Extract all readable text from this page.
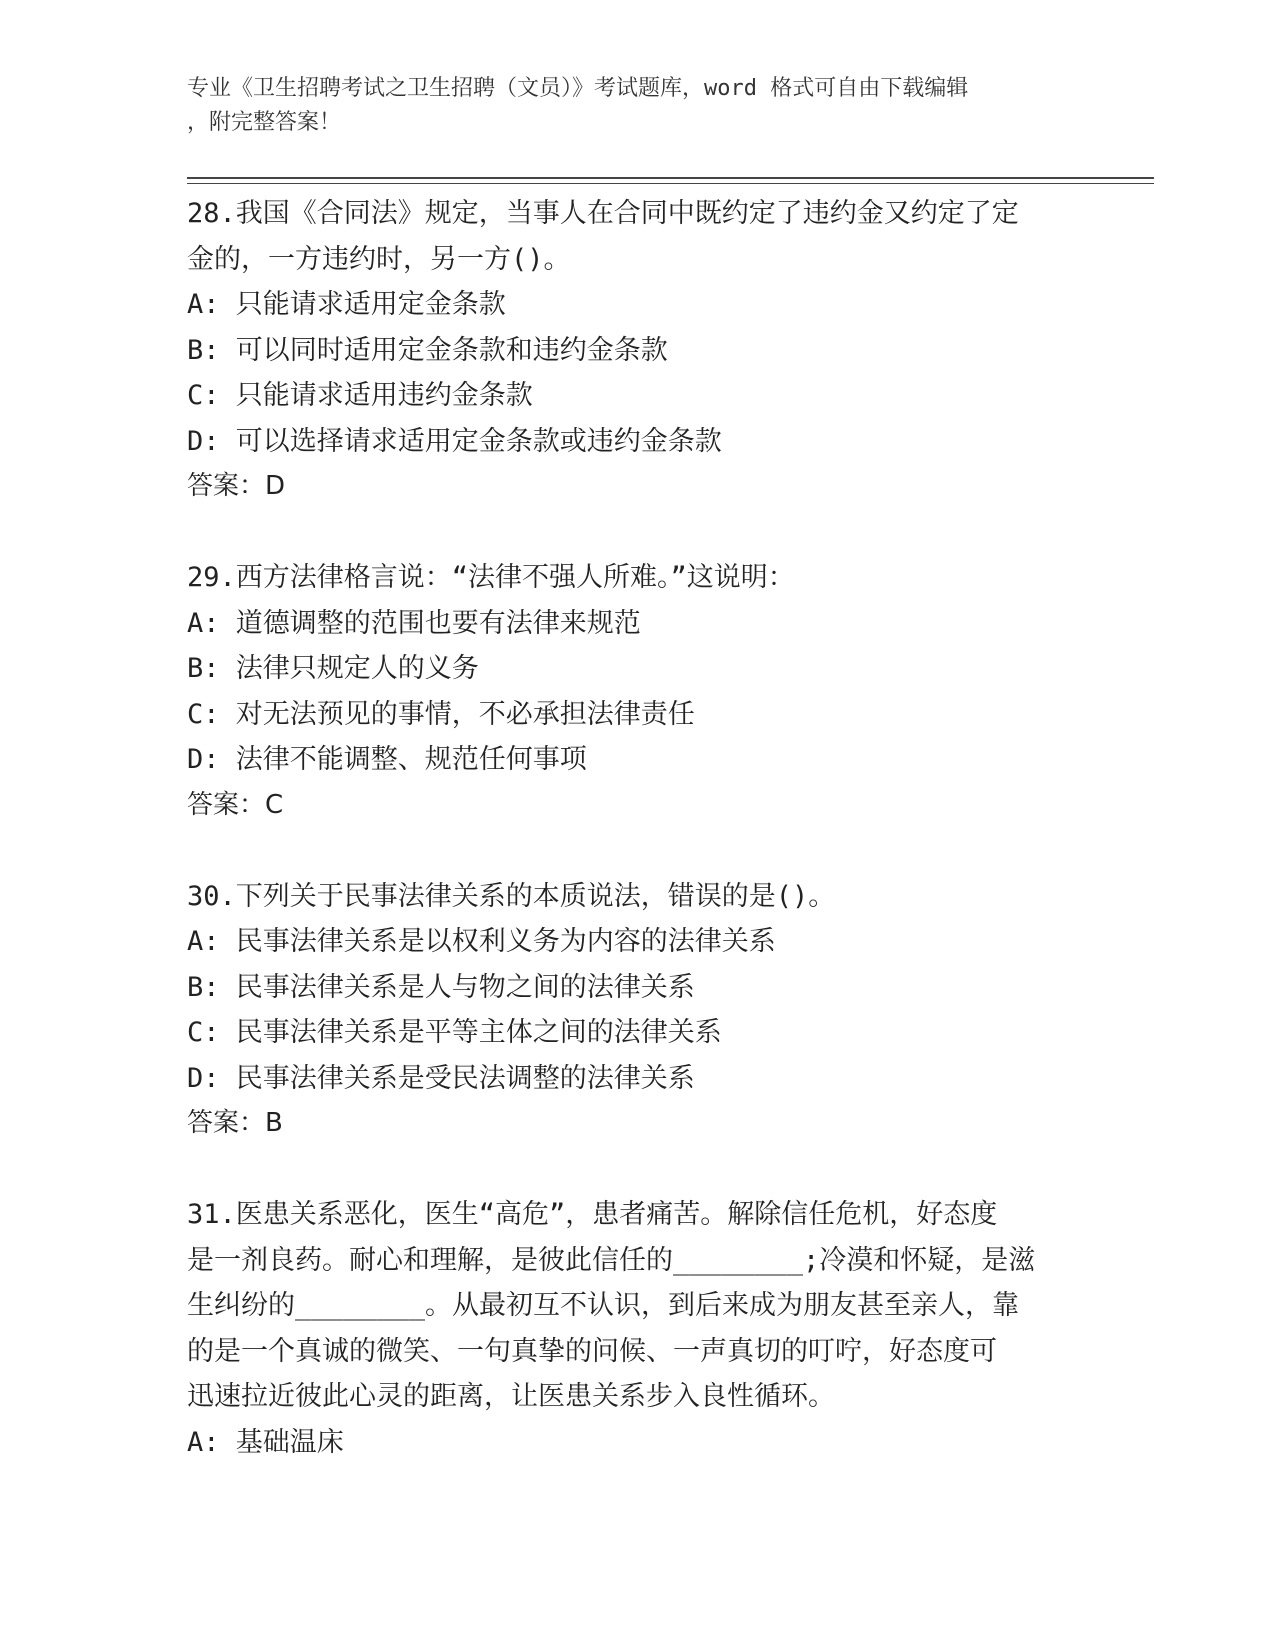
专业《卫生招聘考试之卫生招聘（文员）》考试题库，word 格式可自由下载编辑
，附完整答案！
28.我国《合同法》规定，当事人在合同中既约定了违约金又约定了定
金的，一方违约时，另一方()。
A: 只能请求适用定金条款
B: 可以同时适用定金条款和违约金条款
C: 只能请求适用违约金条款
D: 可以选择请求适用定金条款或违约金条款
答案：D
29.西方法律格言说：“法律不强人所难。”这说明：
A: 道德调整的范围也要有法律来规范
B: 法律只规定人的义务
C: 对无法预见的事情，不必承担法律责任
D: 法律不能调整、规范任何事项
答案：C
30.下列关于民事法律关系的本质说法，错误的是()。
A: 民事法律关系是以权利义务为内容的法律关系
B: 民事法律关系是人与物之间的法律关系
C: 民事法律关系是平等主体之间的法律关系
D: 民事法律关系是受民法调整的法律关系
答案：B
31.医患关系恶化，医生“高危”，患者痛苦。解除信任危机，好态度
是一剂良药。耐心和理解，是彼此信任的________;冷漠和怀疑，是滋
生纠纷的________。从最初互不认识，到后来成为朋友甚至亲人，靠
的是一个真诚的微笑、一句真挚的问候、一声真切的叮咛，好态度可
迅速拉近彼此心灵的距离，让医患关系步入良性循环。
A: 基础温床
